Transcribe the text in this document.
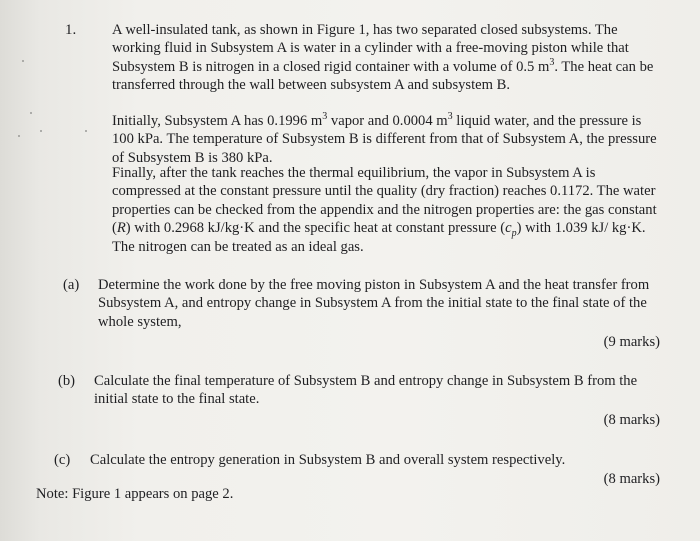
1. A well-insulated tank, as shown in Figure 1, has two separated closed subsystems. The working fluid in Subsystem A is water in a cylinder with a free-moving piston while that Subsystem B is nitrogen in a closed rigid container with a volume of 0.5 $m^3$. The heat can be transferred through the wall between subsystem A and subsystem B.

Initially, Subsystem A has 0.1996 $m^3$ vapor and 0.0004 $m^3$ liquid water, and the pressure is 100 kPa. The temperature of Subsystem B is different from that of Subsystem A, the pressure of Subsystem B is 380 kPa.

Finally, after the tank reaches the thermal equilibrium, the vapor in Subsystem A is compressed at the constant pressure until the quality (dry fraction) reaches 0.1172. The water properties can be checked from the appendix and the nitrogen properties are: the gas constant (R) with 0.2968 kJ/kg·K and the specific heat at constant pressure $(c_p)$ with 1.039 kJ/ kg·K. The nitrogen can be treated as an ideal gas.

(a) Determine the work done by the free moving piston in Subsystem A and the heat transfer from Subsystem A, and entropy change in Subsystem A from the initial state to the final state of the whole system,
(9 marks)
(b) Calculate the final temperature of Subsystem B and entropy change in Subsystem B from the initial state to the final state.
(8 marks)
(c) Calculate the entropy generation in Subsystem B and overall system respectively.
(8 marks)
Note: Figure 1 appears on page 2.
